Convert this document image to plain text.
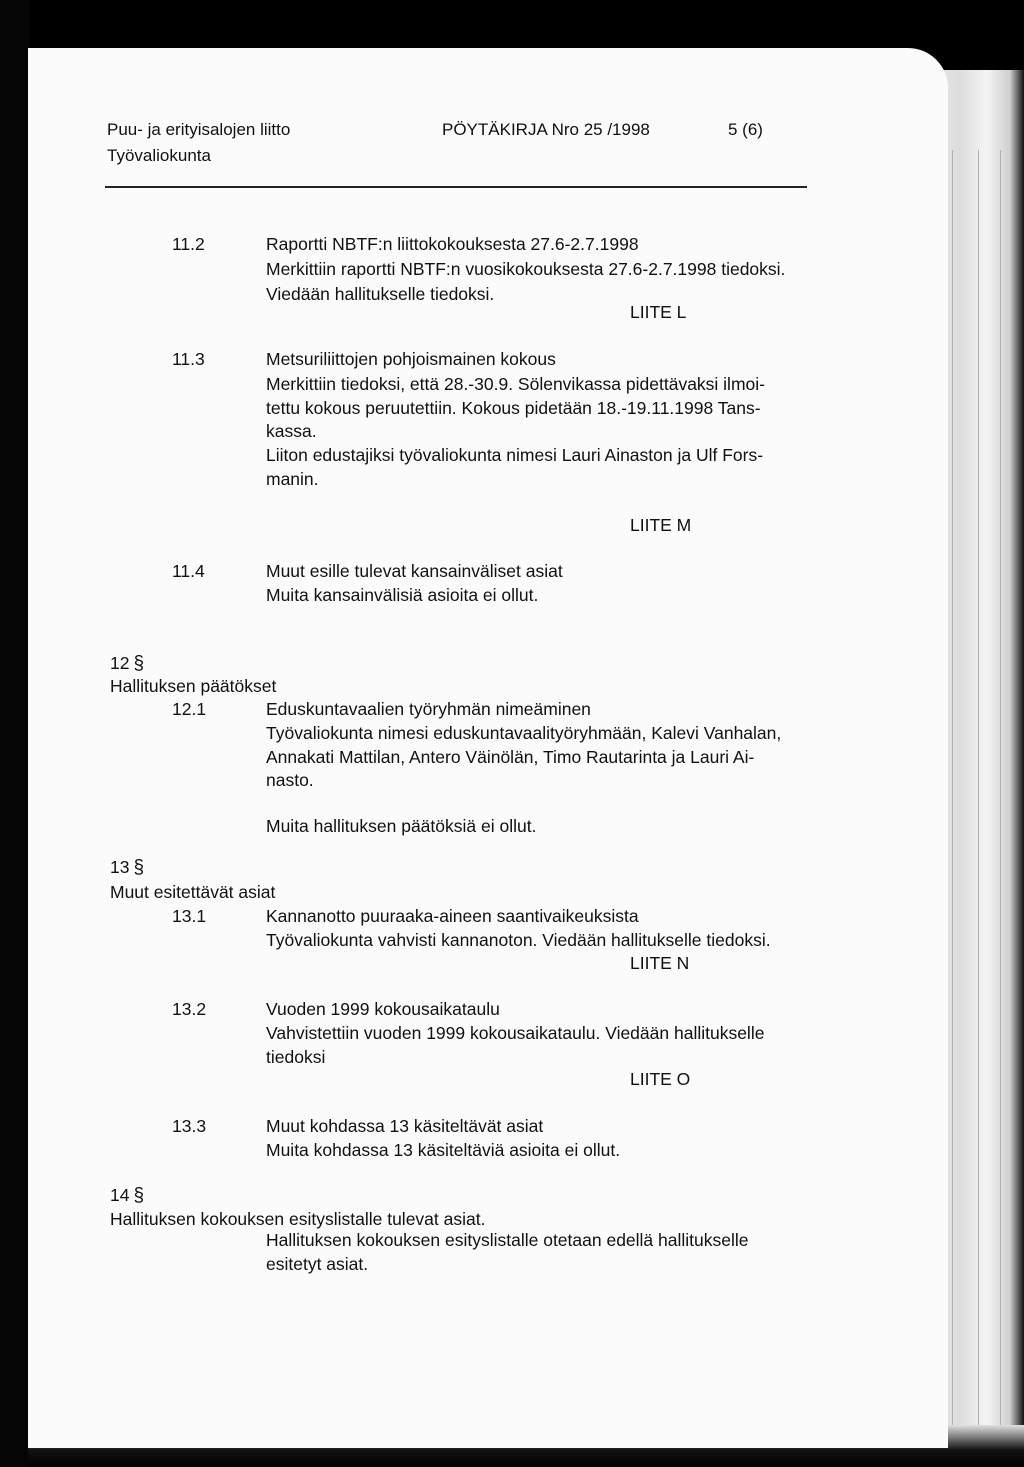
Puu- ja erityisalojen liitto
Työvaliokunta
PÖYTÄKIRJA Nro 25 /1998	5 (6)
11.2	Raportti NBTF:n liittokokouksesta 27.6-2.7.1998
Merkittiin raportti NBTF:n vuosikokouksesta 27.6-2.7.1998 tiedoksi.
Viedään hallitukselle tiedoksi.
LIITE L
11.3	Metsuriliittojen pohjoismainen kokous
Merkittiin tiedoksi, että 28.-30.9. Sölenvikassa pidettävaksi ilmoi-
tettu kokous peruutettiin. Kokous pidetään 18.-19.11.1998 Tans-
kassa.
Liiton edustajiksi työvaliokunta nimesi Lauri Ainaston ja Ulf Fors-
manin.
LIITE M
11.4	Muut esille tulevat kansainväliset asiat
Muita kansainvälisiä asioita ei ollut.
12 §
Hallituksen päätökset
12.1	Eduskuntavaalien työryhmän nimeäminen
Työvaliokunta nimesi eduskuntavaalityöryhmään, Kalevi Vanhalan,
Annakati Mattilan, Antero Väinölän, Timo Rautarinta ja Lauri Ai-
nasto.
Muita hallituksen päätöksiä ei ollut.
13 §
Muut esitettävät asiat
13.1	Kannanotto puuraaka-aineen saantivaikeuksista
Työvaliokunta vahvisti kannanoton. Viedään hallitukselle tiedoksi.
LIITE N
13.2	Vuoden 1999 kokousaikataulu
Vahvistettiin vuoden 1999 kokousaikataulu. Viedään hallitukselle
tiedoksi
LIITE O
13.3	Muut kohdassa 13 käsiteltävät asiat
Muita kohdassa 13 käsiteltäviä asioita ei ollut.
14 §
Hallituksen kokouksen esityslistalle tulevat asiat.
Hallituksen kokouksen esityslistalle otetaan edellä hallitukselle
esitetyt asiat.
